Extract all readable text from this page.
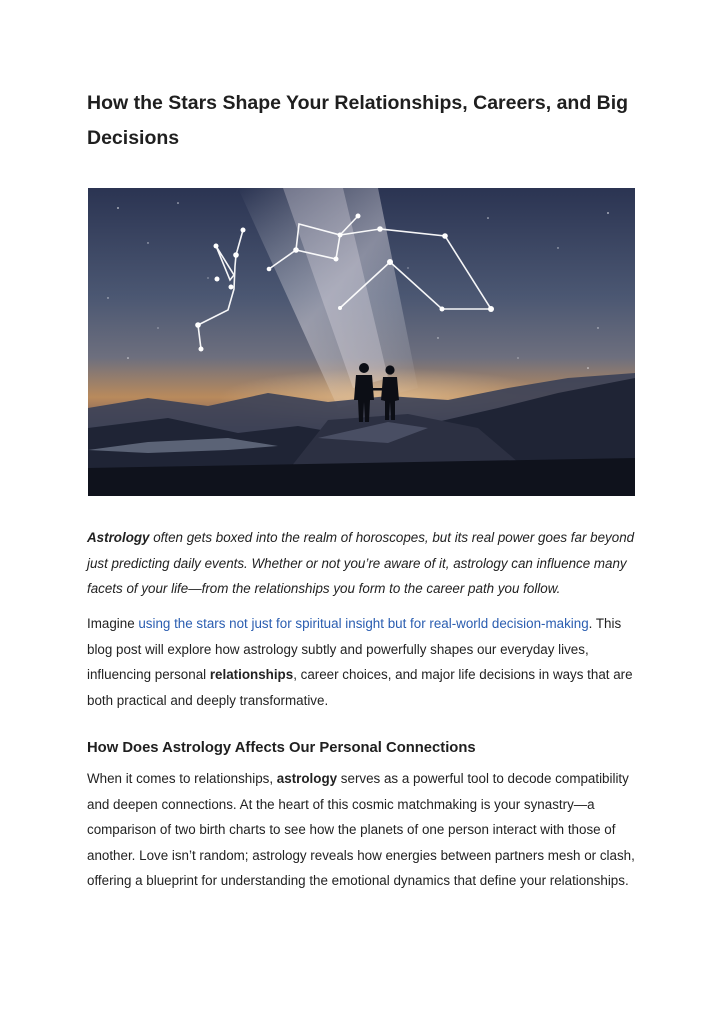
How the Stars Shape Your Relationships, Careers, and Big Decisions

Astrology often gets boxed into the realm of horoscopes, but its real power goes far beyond just predicting daily events. Whether or not you’re aware of it, astrology can influence many facets of your life—from the relationships you form to the career path you follow.

Imagine using the stars not just for spiritual insight but for real-world decision-making. This blog post will explore how astrology subtly and powerfully shapes our everyday lives, influencing personal relationships, career choices, and major life decisions in ways that are both practical and deeply transformative.

How Does Astrology Affects Our Personal Connections

When it comes to relationships, astrology serves as a powerful tool to decode compatibility and deepen connections. At the heart of this cosmic matchmaking is your synastry—a comparison of two birth charts to see how the planets of one person interact with those of another. Love isn’t random; astrology reveals how energies between partners mesh or clash, offering a blueprint for understanding the emotional dynamics that define your relationships.
